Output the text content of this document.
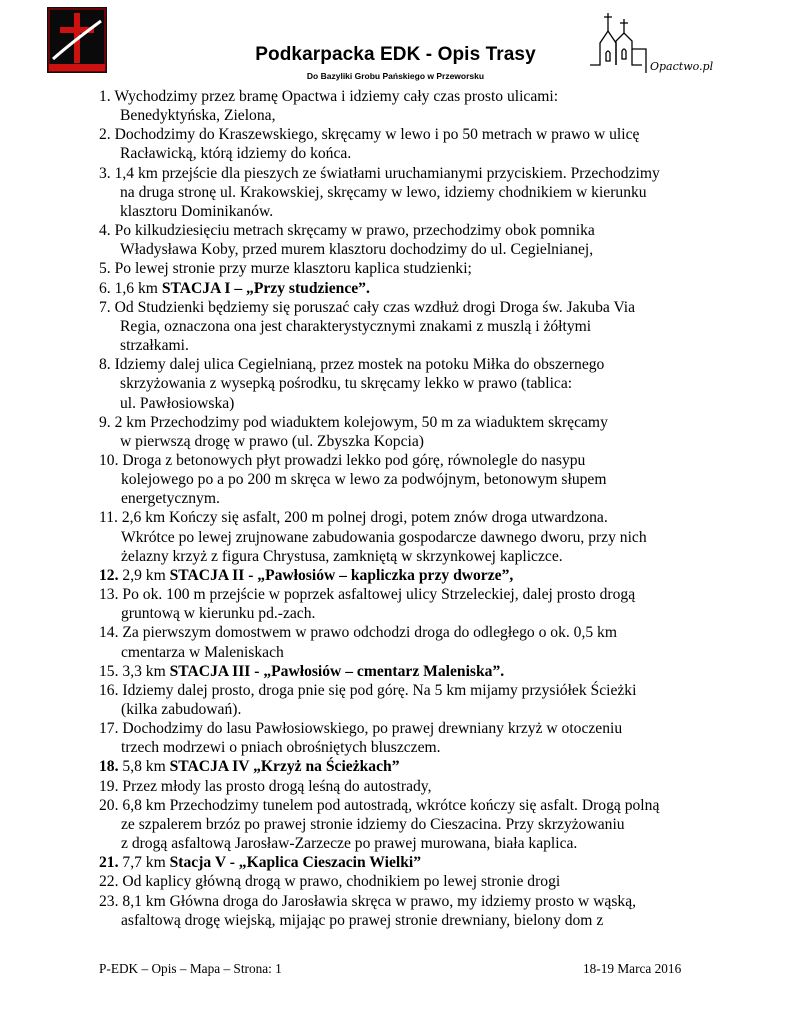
Opactwo.pl
Podkarpacka EDK - Opis Trasy
Do Bazyliki Grobu Pańskiego w Przeworsku
1. Wychodzimy przez bramę Opactwa i idziemy cały czas prosto ulicami:
Benedyktyńska, Zielona,
2. Dochodzimy do Kraszewskiego, skręcamy w lewo i po 50 metrach w prawo w ulicę
Racławicką, którą idziemy do końca.
3. 1,4 km przejście dla pieszych ze światłami uruchamianymi przyciskiem. Przechodzimy
na druga stronę ul. Krakowskiej, skręcamy w lewo, idziemy chodnikiem w kierunku
klasztoru Dominikanów.
4. Po kilkudziesięciu metrach skręcamy w prawo, przechodzimy obok pomnika
Władysława Koby, przed murem klasztoru dochodzimy do ul. Cegielnianej,
5. Po lewej stronie przy murze klasztoru kaplica studzienki;
6. 1,6 km STACJA I – „Przy studzience”.
7. Od Studzienki będziemy się poruszać cały czas wzdłuż drogi Droga św. Jakuba Via
Regia, oznaczona ona jest charakterystycznymi znakami z muszlą i żółtymi
strzałkami.
8. Idziemy dalej ulica Cegielnianą, przez mostek na potoku Miłka do obszernego
skrzyżowania z wysepką pośrodku, tu skręcamy lekko w prawo (tablica:
ul. Pawłosiowska)
9. 2 km Przechodzimy pod wiaduktem kolejowym, 50 m za wiaduktem skręcamy
w pierwszą drogę w prawo (ul. Zbyszka Kopcia)
10. Droga z betonowych płyt prowadzi lekko pod górę, równolegle do nasypu
kolejowego po a po 200 m skręca w lewo za podwójnym, betonowym słupem
energetycznym.
11. 2,6 km Kończy się asfalt, 200 m polnej drogi, potem znów droga utwardzona.
Wkrótce po lewej zrujnowane zabudowania gospodarcze dawnego dworu, przy nich
żelazny krzyż z figura Chrystusa, zamkniętą w skrzynkowej kapliczce.
12. 2,9 km STACJA II - „Pawłosiów – kapliczka przy dworze”,
13. Po ok. 100 m przejście w poprzek asfaltowej ulicy Strzeleckiej, dalej prosto drogą
gruntową w kierunku pd.-zach.
14. Za pierwszym domostwem w prawo odchodzi droga do odległego o ok. 0,5 km
cmentarza w Maleniskach
15. 3,3 km STACJA III - „Pawłosiów – cmentarz Maleniska”.
16. Idziemy dalej prosto, droga pnie się pod górę. Na 5 km mijamy przysiółek Ścieżki
(kilka zabudowań).
17. Dochodzimy do lasu Pawłosiowskiego, po prawej drewniany krzyż w otoczeniu
trzech modrzewi o pniach obrośniętych bluszczem.
18. 5,8 km STACJA IV „Krzyż na Ścieżkach”
19. Przez młody las prosto drogą leśną do autostrady,
20. 6,8 km Przechodzimy tunelem pod autostradą, wkrótce kończy się asfalt. Drogą polną
ze szpalerem brzóz po prawej stronie idziemy do Cieszacina. Przy skrzyżowaniu
z drogą asfaltową Jarosław-Zarzecze po prawej murowana, biała kaplica.
21. 7,7 km Stacja V - „Kaplica Cieszacin Wielki”
22. Od kaplicy główną drogą w prawo, chodnikiem po lewej stronie drogi
23. 8,1 km Główna droga do Jarosławia skręca w prawo, my idziemy prosto w wąską,
asfaltową drogę wiejską, mijając po prawej stronie drewniany, bielony dom z
P-EDK – Opis – Mapa – Strona: 1	18-19 Marca 2016
